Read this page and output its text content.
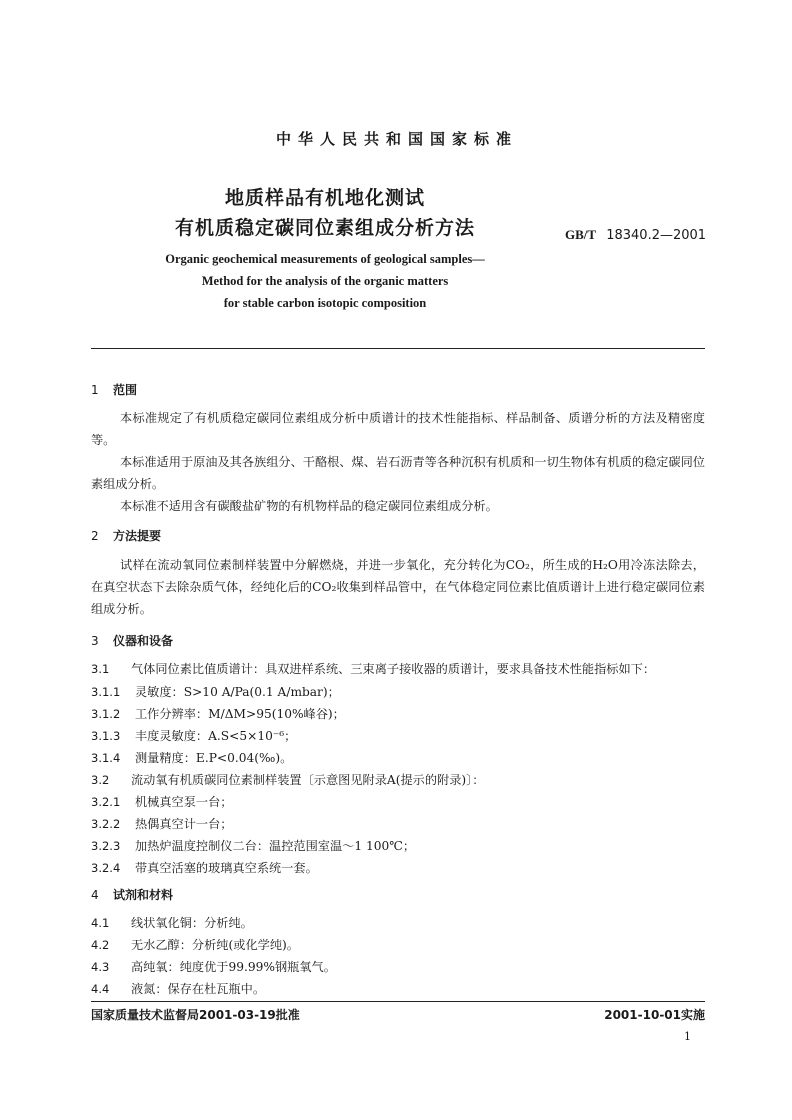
中华人民共和国国家标准
地质样品有机地化测试
有机质稳定碳同位素组成分析方法	GB/T 18340.2—2001
Organic geochemical measurements of geological samples—
Method for the analysis of the organic matters
for stable carbon isotopic composition
1 范围

本标准规定了有机质稳定碳同位素组成分析中质谱计的技术性能指标、样品制备、质谱分析的方法及精密度等。

本标准适用于原油及其各族组分、干酪根、煤、岩石沥青等各种沉积有机质和一切生物体有机质的稳定碳同位素组成分析。

本标准不适用含有碳酸盐矿物的有机物样品的稳定碳同位素组成分析。

2 方法提要

试样在流动氧同位素制样装置中分解燃烧，并进一步氧化，充分转化为CO₂，所生成的H₂O用冷冻法除去，在真空状态下去除杂质气体，经纯化后的CO₂收集到样品管中，在气体稳定同位素比值质谱计上进行稳定碳同位素组成分析。

3 仪器和设备
3.1 气体同位素比值质谱计：具双进样系统、三束离子接收器的质谱计，要求具备技术性能指标如下：
3.1.1 灵敏度：S>10 A/Pa(0.1 A/mbar)；
3.1.2 工作分辨率：M/ΔM>95(10%峰谷)；
3.1.3 丰度灵敏度：A.S<5×10⁻⁶；
3.1.4 测量精度：E.P<0.04(‰)。
3.2 流动氧有机质碳同位素制样装置〔示意图见附录A(提示的附录)〕：
3.2.1 机械真空泵一台；
3.2.2 热偶真空计一台；
3.2.3 加热炉温度控制仪二台：温控范围室温～1 100℃；
3.2.4 带真空活塞的玻璃真空系统一套。
4 试剂和材料
4.1 线状氧化铜：分析纯。
4.2 无水乙醇：分析纯(或化学纯)。
4.3 高纯氧：纯度优于99.99%钢瓶氧气。
4.4 液氮：保存在杜瓦瓶中。
国家质量技术监督局2001-03-19批准	2001-10-01实施
1
